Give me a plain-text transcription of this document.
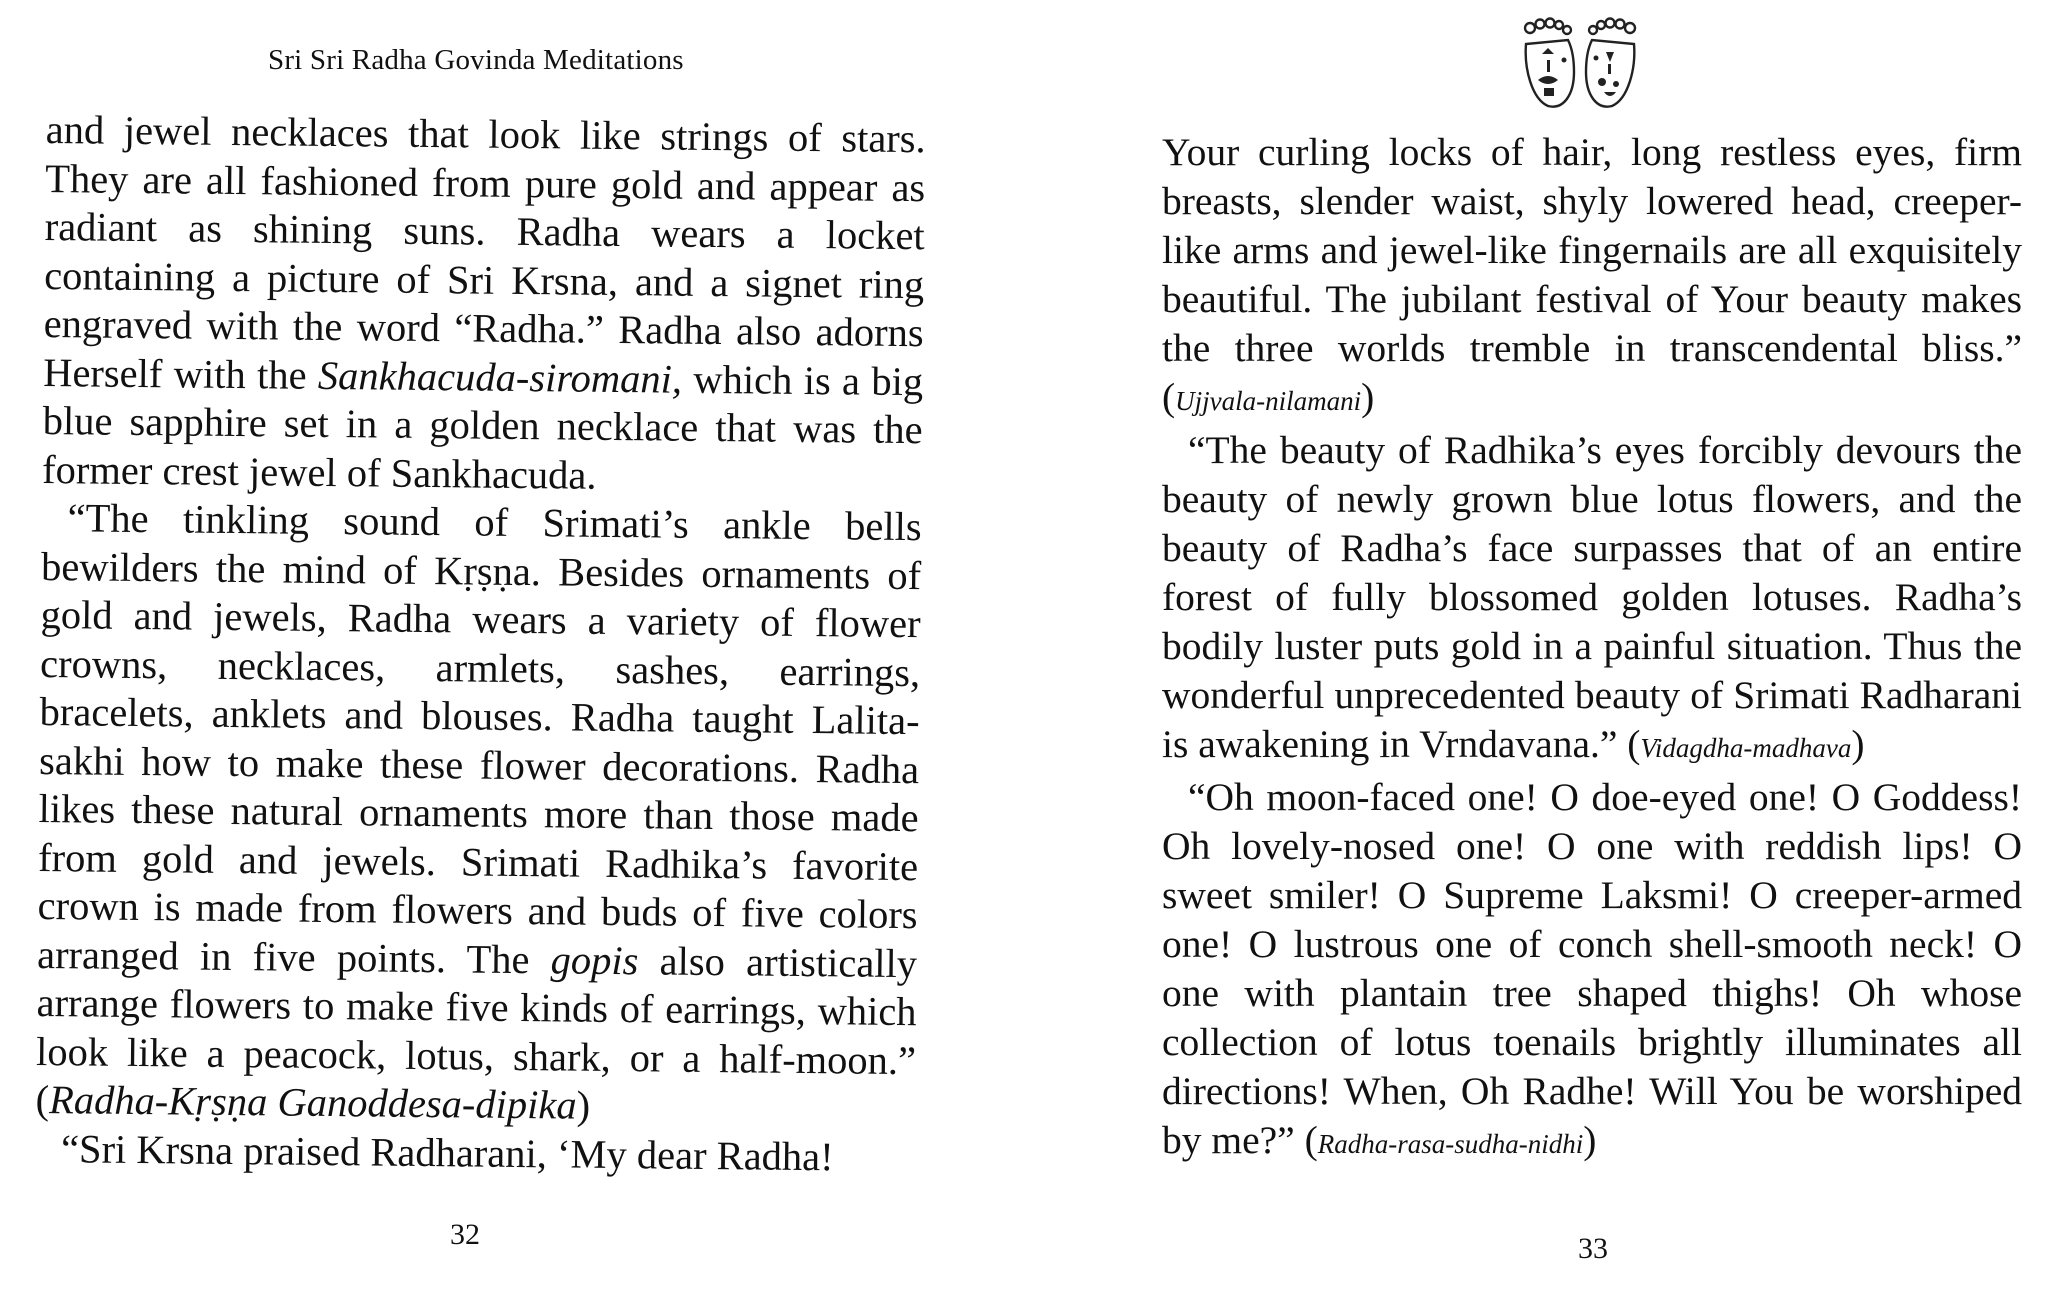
Sri Sri Radha Govinda Meditations

and jewel necklaces that look like strings of stars. They are all fashioned from pure gold and appear as radiant as shining suns. Radha wears a locket containing a picture of Sri Krsna, and a signet ring engraved with the word “Radha.” Radha also adorns Herself with the Sankhacuda-siromani, which is a big blue sapphire set in a golden necklace that was the former crest jewel of Sankhacuda.

“The tinkling sound of Srimati’s ankle bells bewilders the mind of Kṛṣṇa. Besides ornaments of gold and jewels, Radha wears a variety of flower crowns, necklaces, armlets, sashes, earrings, bracelets, anklets and blouses. Radha taught Lalita-sakhi how to make these flower decorations. Radha likes these natural ornaments more than those made from gold and jewels. Srimati Radhika’s favorite crown is made from flowers and buds of five colors arranged in five points. The gopis also artistically arrange flowers to make five kinds of earrings, which look like a peacock, lotus, shark, or a half-moon.” (Radha-Kṛṣṇa Ganoddesa-dipika)

“Sri Krsna praised Radharani, ‘My dear Radha!

32

Your curling locks of hair, long restless eyes, firm breasts, slender waist, shyly lowered head, creeper-like arms and jewel-like fingernails are all exquisitely beautiful. The jubilant festival of Your beauty makes the three worlds tremble in transcendental bliss.” (Ujjvala-nilamani)

“The beauty of Radhika’s eyes forcibly devours the beauty of newly grown blue lotus flowers, and the beauty of Radha’s face surpasses that of an entire forest of fully blossomed golden lotuses. Radha’s bodily luster puts gold in a painful situation. Thus the wonderful unprecedented beauty of Srimati Radharani is awakening in Vrndavana.” (Vidagdha-madhava)

“Oh moon-faced one! O doe-eyed one! O Goddess! Oh lovely-nosed one! O one with reddish lips! O sweet smiler! O Supreme Laksmi! O creeper-armed one! O lustrous one of conch shell-smooth neck! O one with plantain tree shaped thighs! Oh whose collection of lotus toenails brightly illuminates all directions! When, Oh Radhe! Will You be worshiped by me?” (Radha-rasa-sudha-nidhi)

33
